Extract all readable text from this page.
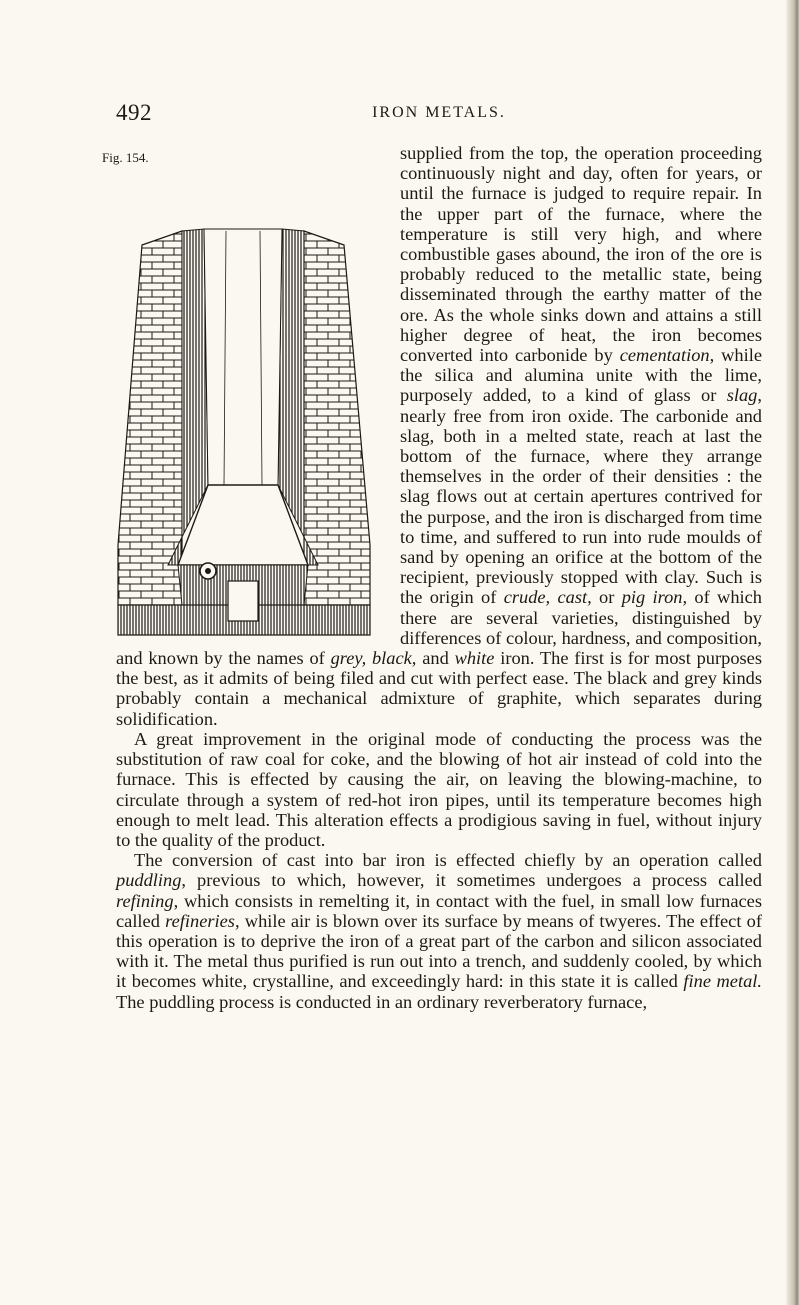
492	IRON METALS.

Fig. 154.	supplied from the top, the operation proceeding continuously night and day, often for years, or until the furnace is judged to require repair. In the upper part of the furnace, where the temperature is still very high, and where combustible gases abound, the iron of the ore is probably reduced to the metallic state, being disseminated through the earthy matter of the ore. As the whole sinks down and attains a still higher degree of heat, the iron becomes converted into carbonide by cementation, while the silica and alumina unite with the lime, purposely added, to a kind of glass or slag, nearly free from iron oxide. The carbonide and slag, both in a melted state, reach at last the bottom of the furnace, where they arrange themselves in the order of their densities : the slag flows out at certain apertures contrived for the purpose, and the iron is discharged from time to time, and suffered to run into rude moulds of sand by opening an orifice at the bottom of the recipient, previously stopped with clay. Such is the origin of crude, cast, or pig iron, of which there are several varieties, distinguished by differences of colour, hardness, and composition, and known by the names of grey, black, and white iron. The first is for most purposes the best, as it admits of being filed and cut with perfect ease. The black and grey kinds probably contain a mechanical admixture of graphite, which separates during solidification.

A great improvement in the original mode of conducting the process was the substitution of raw coal for coke, and the blowing of hot air instead of cold into the furnace. This is effected by causing the air, on leaving the blowing-machine, to circulate through a system of red-hot iron pipes, until its temperature becomes high enough to melt lead. This alteration effects a prodigious saving in fuel, without injury to the quality of the product.

The conversion of cast into bar iron is effected chiefly by an operation called puddling, previous to which, however, it sometimes undergoes a process called refining, which consists in remelting it, in contact with the fuel, in small low furnaces called refineries, while air is blown over its surface by means of twyeres. The effect of this operation is to deprive the iron of a great part of the carbon and silicon associated with it. The metal thus purified is run out into a trench, and suddenly cooled, by which it becomes white, crystalline, and exceedingly hard: in this state it is called fine metal. The puddling process is conducted in an ordinary reverberatory furnace,
